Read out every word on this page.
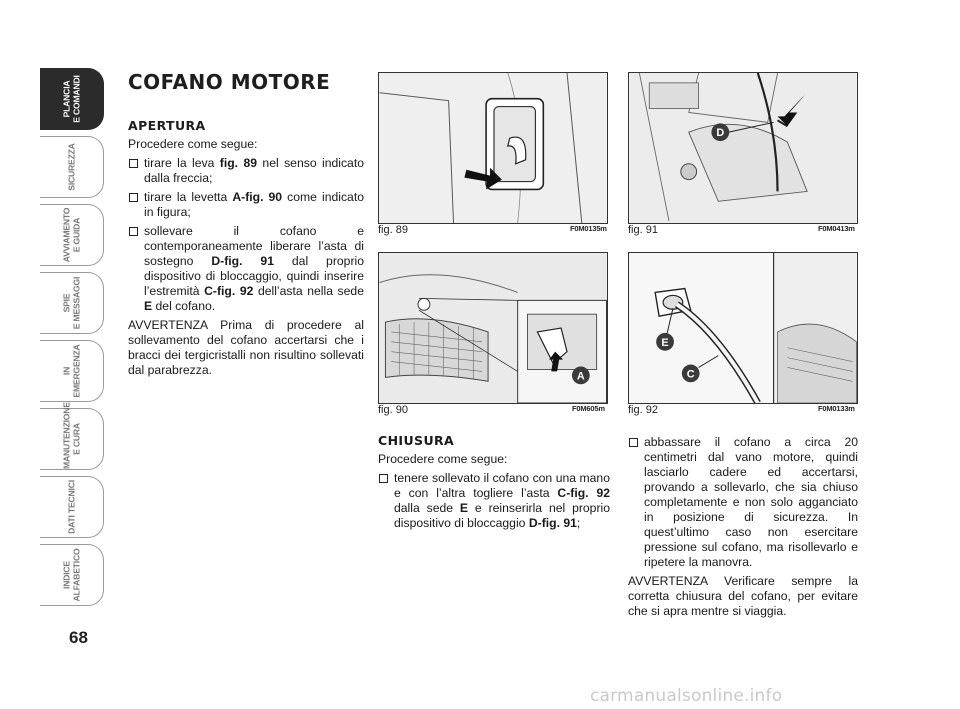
PLANCIA
E COMANDI
SICUREZZA
AVVIAMENTO
E GUIDA
SPIE
E MESSAGGI
IN
EMERGENZA
MANUTENZIONE
E CURA
DATI TECNICI
INDICE
ALFABETICO
68
COFANO MOTORE
APERTURA

Procedere come segue:

tirare la leva fig. 89 nel senso indicato dalla freccia;
tirare la levetta A-fig. 90 come indicato in figura;
sollevare il cofano e contemporaneamente liberare l’asta di sostegno D-fig. 91 dal proprio dispositivo di bloccaggio, quindi inserire l’estremità C-fig. 92 dell’asta nella sede E del cofano.

AVVERTENZA Prima di procedere al sollevamento del cofano accertarsi che i bracci dei tergicristalli non risultino sollevati dal parabrezza.

fig. 89	F0M0135m
D
fig. 91	F0M0413m
A
fig. 90	F0M605m
E
C
fig. 92	F0M0133m
CHIUSURA

Procedere come segue:

tenere sollevato il cofano con una mano e con l’altra togliere l’asta C-fig. 92 dalla sede E e reinserirla nel proprio dispositivo di bloccaggio D-fig. 91;
abbassare il cofano a circa 20 centimetri dal vano motore, quindi lasciarlo cadere ed accertarsi, provando a sollevarlo, che sia chiuso completamente e non solo agganciato in posizione di sicurezza. In quest’ultimo caso non esercitare pressione sul cofano, ma risollevarlo e ripetere la manovra.

AVVERTENZA Verificare sempre la corretta chiusura del cofano, per evitare che si apra mentre si viaggia.

carmanualsonline.info
